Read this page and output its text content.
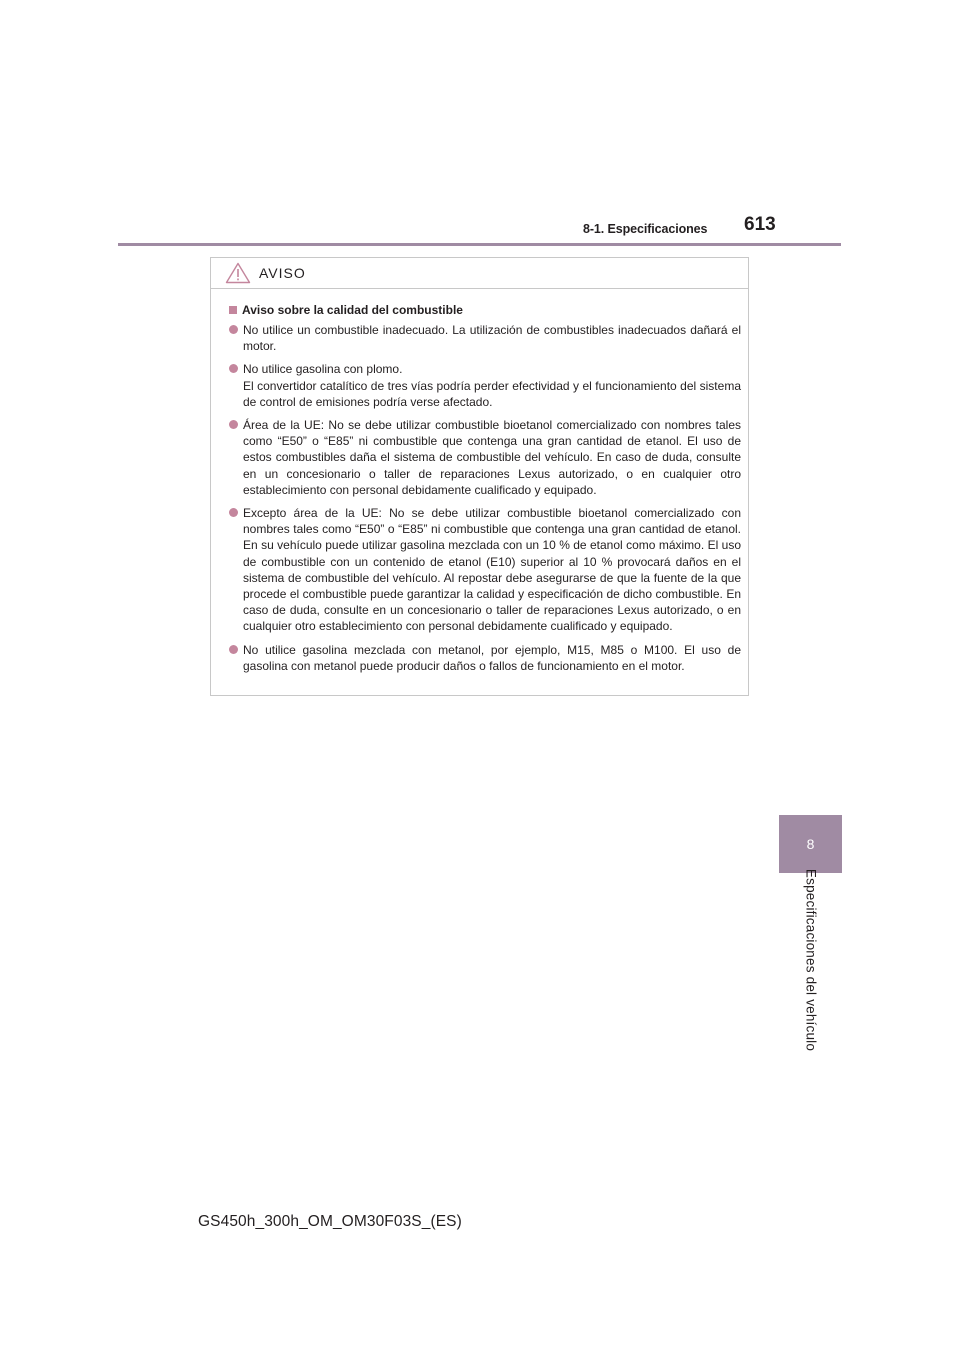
8-1. Especificaciones 613
8
Especificaciones del vehículo
AVISO
Aviso sobre la calidad del combustible
No utilice un combustible inadecuado. La utilización de combustibles inadecuados dañará el motor.
No utilice gasolina con plomo.
El convertidor catalítico de tres vías podría perder efectividad y el funcionamiento del sistema de control de emisiones podría verse afectado.
Área de la UE: No se debe utilizar combustible bioetanol comercializado con nombres tales como “E50” o “E85” ni combustible que contenga una gran cantidad de etanol. El uso de estos combustibles daña el sistema de combustible del vehículo. En caso de duda, consulte en un concesionario o taller de reparaciones Lexus autorizado, o en cualquier otro establecimiento con personal debidamente cualificado y equipado.
Excepto área de la UE: No se debe utilizar combustible bioetanol comercializado con nombres tales como “E50” o “E85” ni combustible que contenga una gran cantidad de etanol. En su vehículo puede utilizar gasolina mezclada con un 10 % de etanol como máximo. El uso de combustible con un contenido de etanol (E10) superior al 10 % provocará daños en el sistema de combustible del vehículo. Al repostar debe asegurarse de que la fuente de la que procede el combustible puede garantizar la calidad y especificación de dicho combustible. En caso de duda, consulte en un concesionario o taller de reparaciones Lexus autorizado, o en cualquier otro establecimiento con personal debidamente cualificado y equipado.
No utilice gasolina mezclada con metanol, por ejemplo, M15, M85 o M100. El uso de gasolina con metanol puede producir daños o fallos de funcionamiento en el motor.
GS450h_300h_OM_OM30F03S_(ES)
